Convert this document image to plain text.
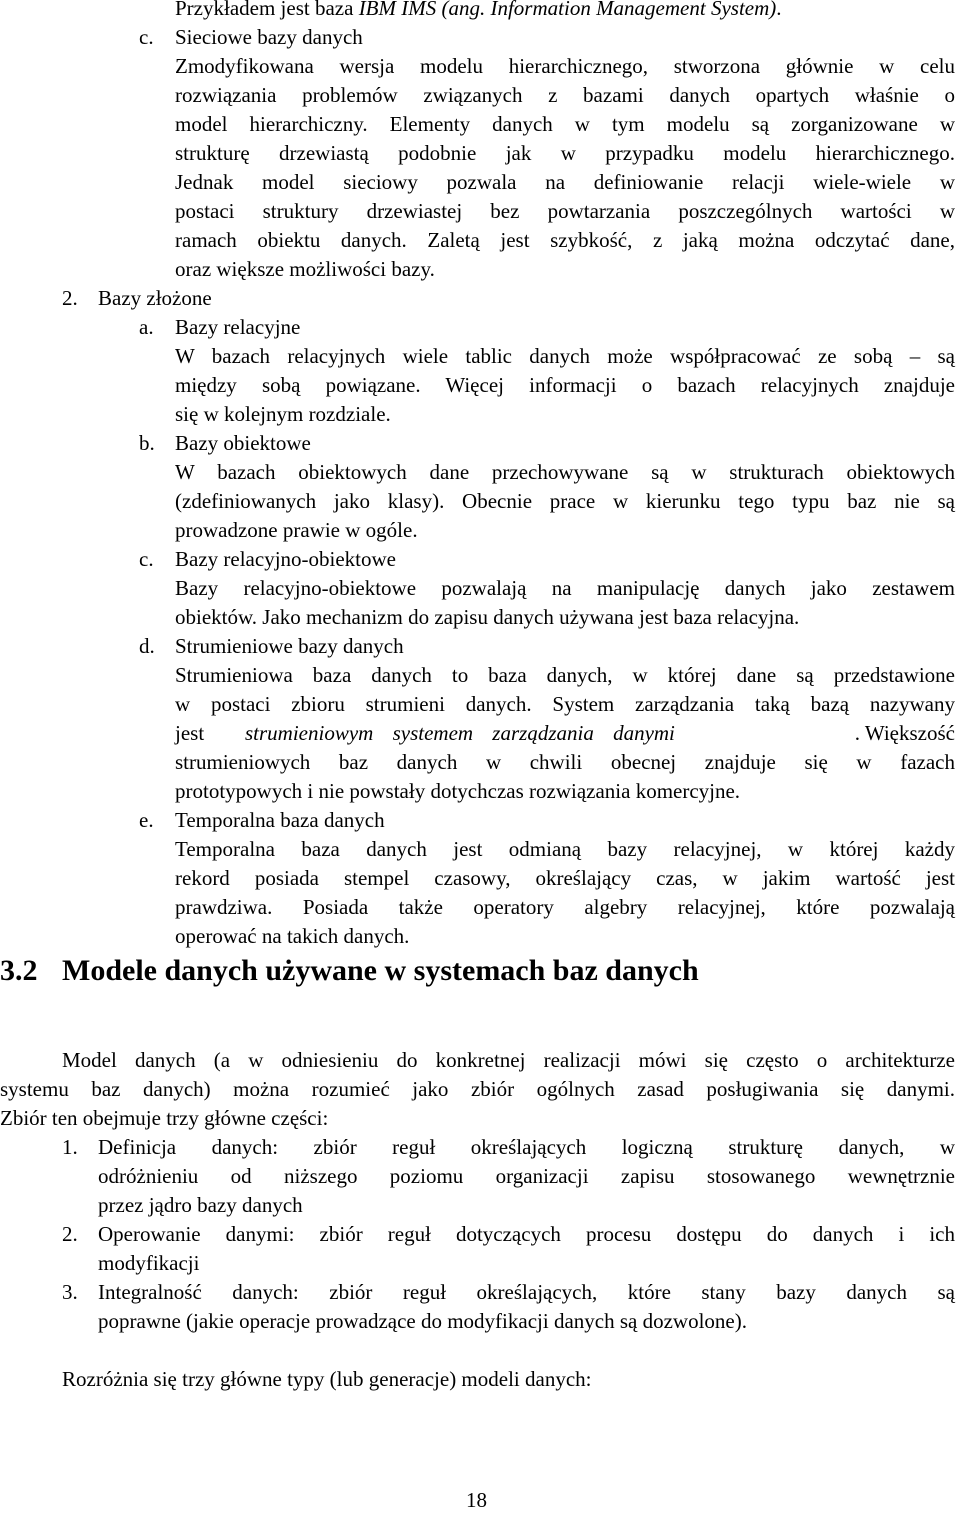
Przykładem jest baza IBM IMS (ang. Information Management System).
c. Sieciowe bazy danych
Zmodyfikowana wersja modelu hierarchicznego, stworzona głównie w celu
rozwiązania problemów związanych z bazami danych opartych właśnie o
model hierarchiczny. Elementy danych w tym modelu są zorganizowane w
strukturę drzewiastą podobnie jak w przypadku modelu hierarchicznego.
Jednak model sieciowy pozwala na definiowanie relacji wiele-wiele w
postaci struktury drzewiastej bez powtarzania poszczególnych wartości w
ramach obiektu danych. Zaletą jest szybkość, z jaką można odczytać dane,
oraz większe możliwości bazy.
2. Bazy złożone
a. Bazy relacyjne
W bazach relacyjnych wiele tablic danych może współpracować ze sobą – są
między sobą powiązane. Więcej informacji o bazach relacyjnych znajduje
się w kolejnym rozdziale.
b. Bazy obiektowe
W bazach obiektowych dane przechowywane są w strukturach obiektowych
(zdefiniowanych jako klasy). Obecnie prace w kierunku tego typu baz nie są
prowadzone prawie w ogóle.
c. Bazy relacyjno-obiektowe
Bazy relacyjno-obiektowe pozwalają na manipulację danych jako zestawem
obiektów. Jako mechanizm do zapisu danych używana jest baza relacyjna.
d. Strumieniowe bazy danych
Strumieniowa baza danych to baza danych, w której dane są przedstawione
w postaci zbioru strumieni danych. System zarządzania taką bazą nazywany
jest strumieniowym systemem zarządzania danymi	. Większość
strumieniowych baz danych w chwili obecnej znajduje się w fazach
prototypowych i nie powstały dotychczas rozwiązania komercyjne.
e. Temporalna baza danych
Temporalna baza danych jest odmianą bazy relacyjnej, w której każdy
rekord posiada stempel czasowy, określający czas, w jakim wartość jest
prawdziwa. Posiada także operatory algebry relacyjnej, które pozwalają
operować na takich danych.
3.2 Modele danych używane w systemach baz danych
Model danych (a w odniesieniu do konkretnej realizacji mówi się często o architekturze
systemu baz danych) można rozumieć jako zbiór ogólnych zasad posługiwania się danymi.
Zbiór ten obejmuje trzy główne części:
1. Definicja danych: zbiór reguł określających logiczną strukturę danych, w
odróżnieniu od niższego poziomu organizacji zapisu stosowanego wewnętrznie
przez jądro bazy danych
2. Operowanie danymi: zbiór reguł dotyczących procesu dostępu do danych i ich
modyfikacji
3. Integralność danych: zbiór reguł określających, które stany bazy danych są
poprawne (jakie operacje prowadzące do modyfikacji danych są dozwolone).
Rozróżnia się trzy główne typy (lub generacje) modeli danych:
18
